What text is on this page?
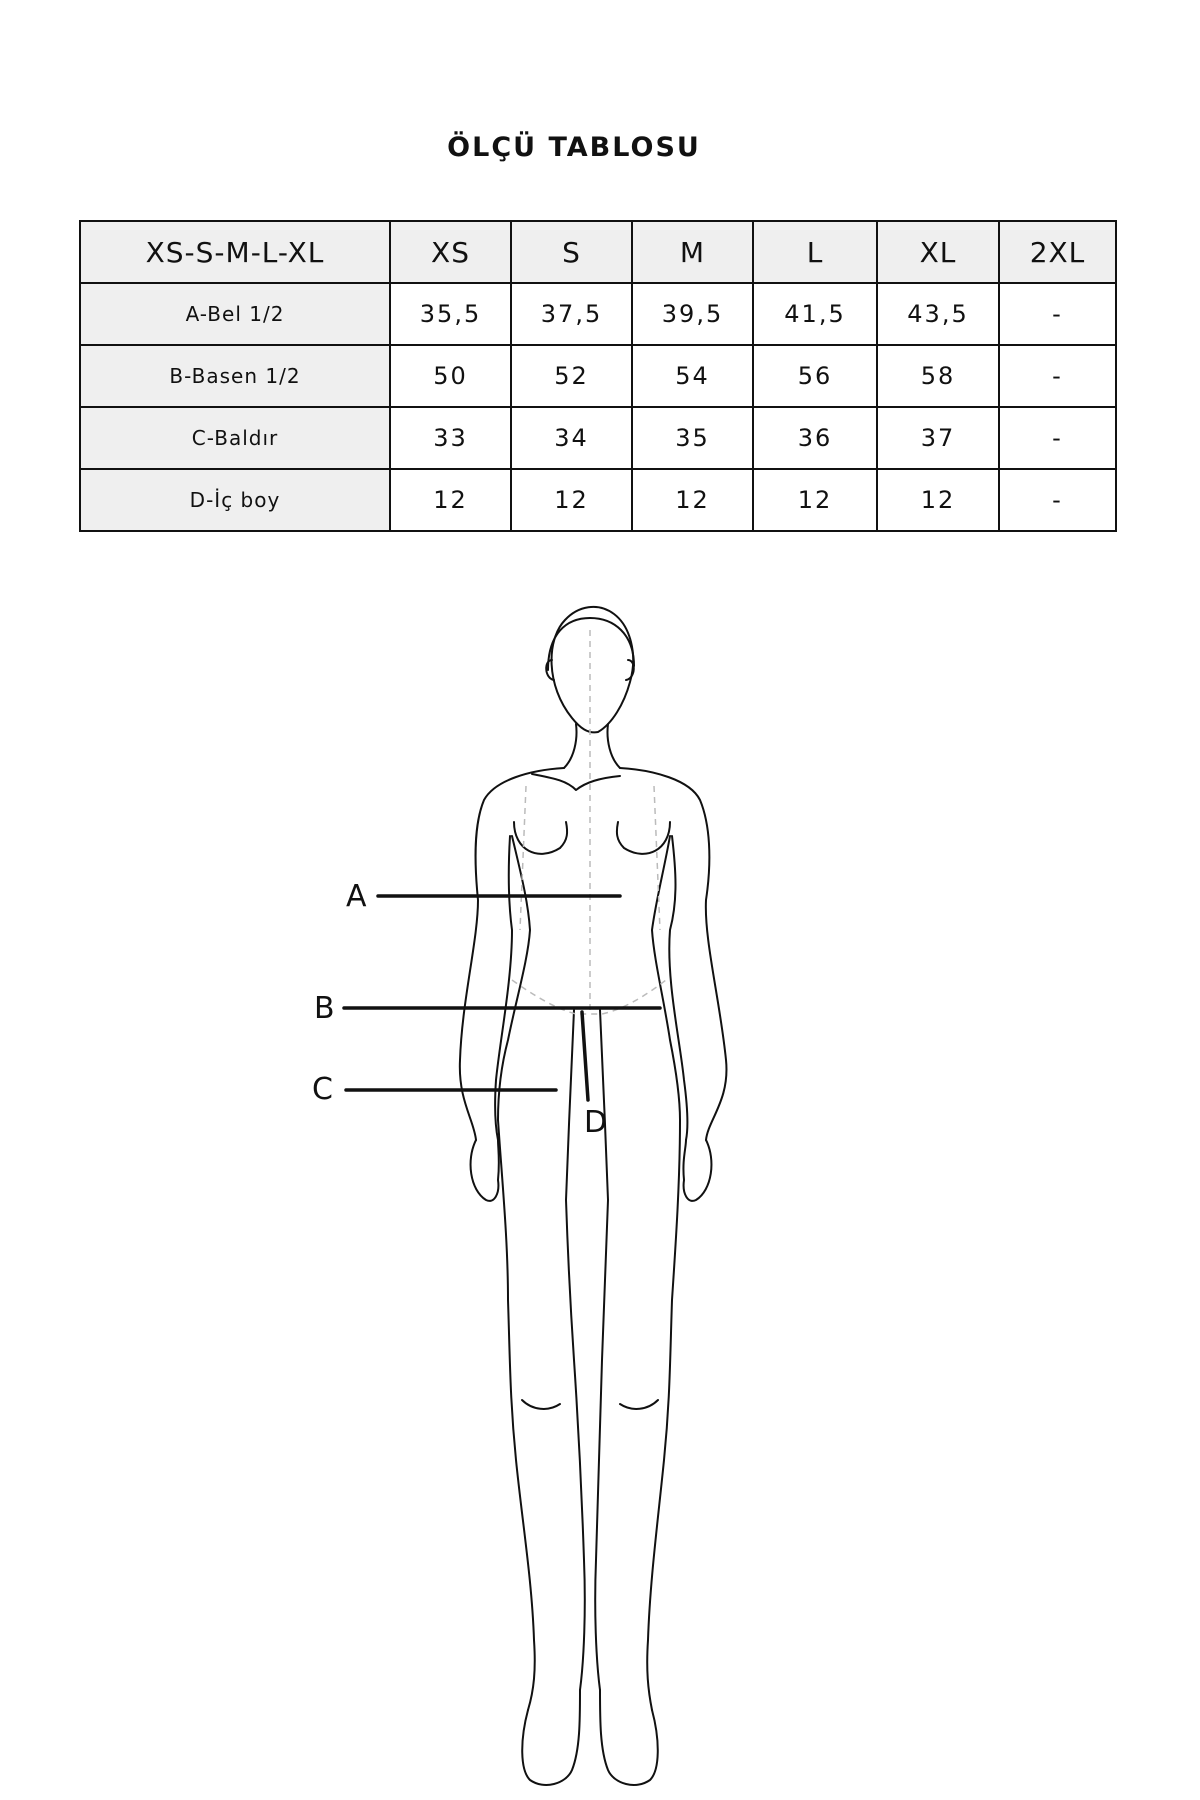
ÖLÇÜ TABLOSU
XS-S-M-L-XL	XS	S	M	L	XL	2XL
A-Bel 1/2	35,5	37,5	39,5	41,5	43,5	-
B-Basen 1/2	50	52	54	56	58	-
C-Baldır	33	34	35	36	37	-
D-İç boy	12	12	12	12	12	-
A
B
C
D
